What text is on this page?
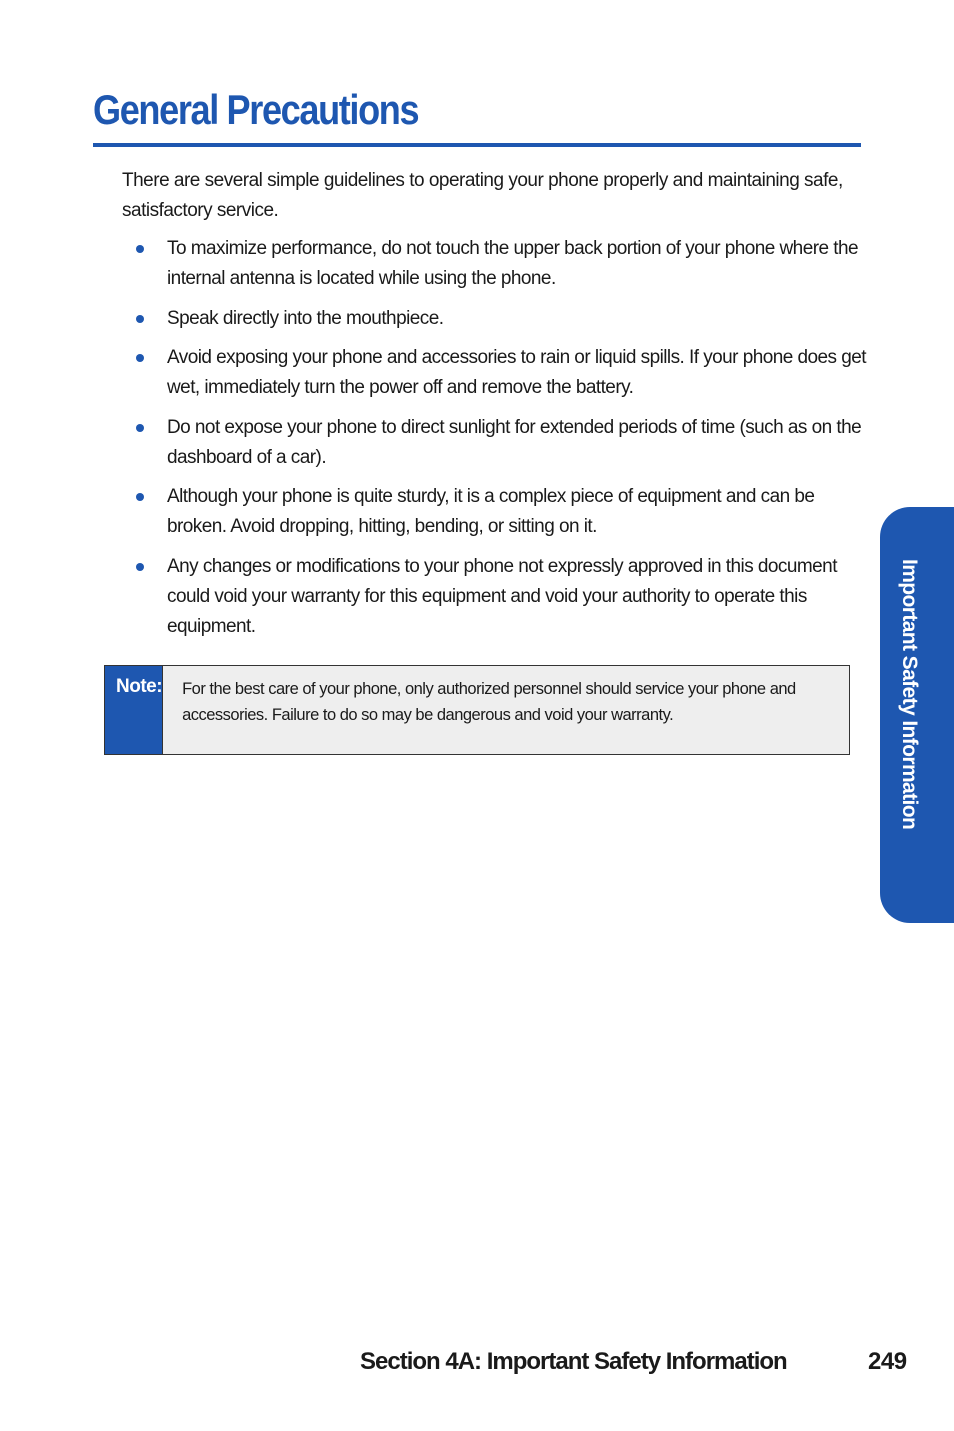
General Precautions

There are several simple guidelines to operating your phone properly and maintaining safe, satisfactory service.

To maximize performance, do not touch the upper back portion of your phone where the internal antenna is located while using the phone.
Speak directly into the mouthpiece.
Avoid exposing your phone and accessories to rain or liquid spills. If your phone does get wet, immediately turn the power off and remove the battery.
Do not expose your phone to direct sunlight for extended periods of time (such as on the dashboard of a car).
Although your phone is quite sturdy, it is a complex piece of equipment and can be broken. Avoid dropping, hitting, bending, or sitting on it.
Any changes or modifications to your phone not expressly approved in this document could void your warranty for this equipment and void your authority to operate this equipment.
Note:	For the best care of your phone, only authorized personnel should service your phone and accessories. Failure to do so may be dangerous and void your warranty.	Important Safety Information
Section 4A: Important Safety Information	249
